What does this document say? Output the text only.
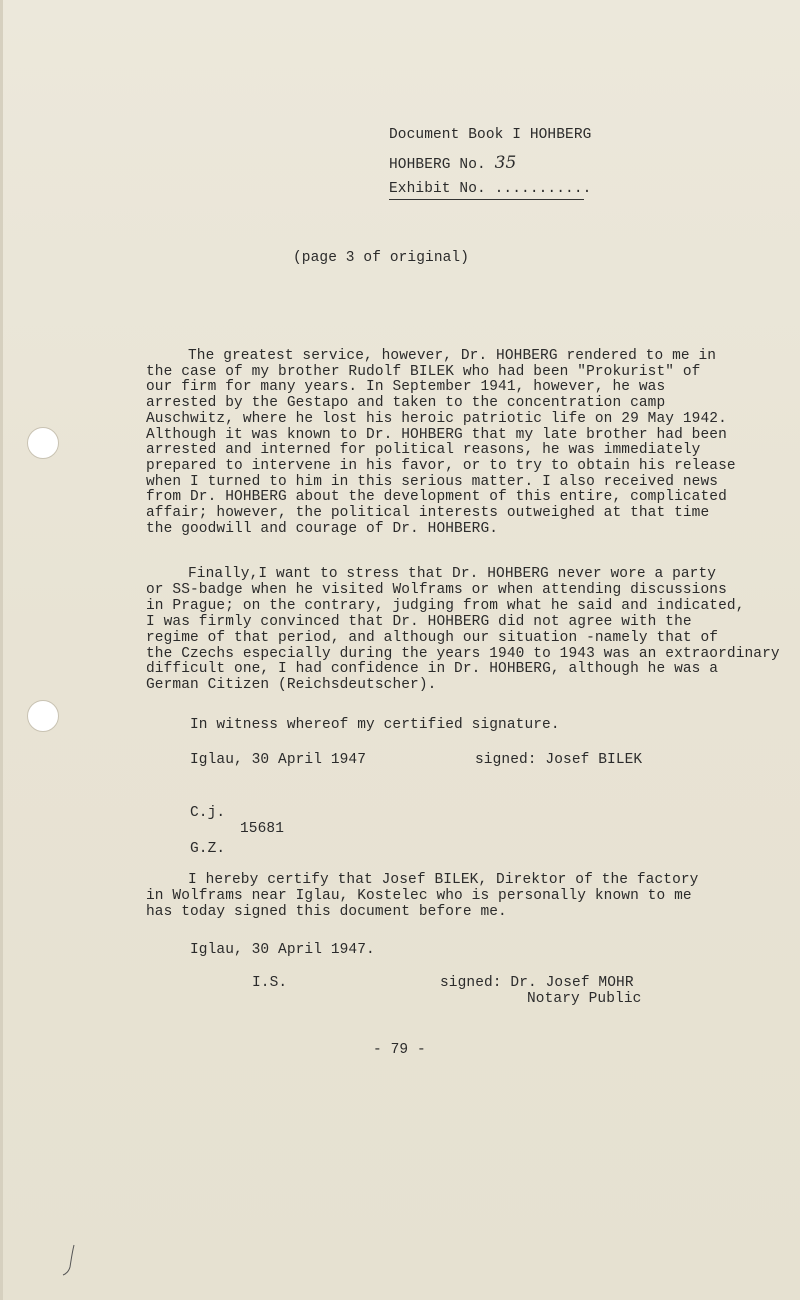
Document Book I HOHBERG
HOHBERG No. 35
Exhibit No. ...........
(page 3 of original)
The greatest service, however, Dr. HOHBERG rendered to me in
the case of my brother Rudolf BILEK who had been "Prokurist" of
our firm for many years. In September 1941, however, he was
arrested by the Gestapo and taken to the concentration camp
Auschwitz, where he lost his heroic patriotic life on 29 May 1942.
Although it was known to Dr. HOHBERG that my late brother had been
arrested and interned for political reasons, he was immediately
prepared to intervene in his favor, or to try to obtain his release
when I turned to him in this serious matter. I also received news
from Dr. HOHBERG about the development of this entire, complicated
affair; however, the political interests outweighed at that time
the goodwill and courage of Dr. HOHBERG.
Finally,I want to stress that Dr. HOHBERG never wore a party
or SS-badge when he visited Wolframs or when attending discussions
in Prague; on the contrary, judging from what he said and indicated,
I was firmly convinced that Dr. HOHBERG did not agree with the
regime of that period, and although our situation -namely that of
the Czechs especially during the years 1940 to 1943 was an extraordinary
difficult one, I had confidence in Dr. HOHBERG, although he was a
German Citizen (Reichsdeutscher).
In witness whereof my certified signature.
Iglau, 30 April 1947	signed: Josef BILEK
C.j.
15681
G.Z.
I hereby certify that Josef BILEK, Direktor of the factory
in Wolframs near Iglau, Kostelec who is personally known to me
has today signed this document before me.
Iglau, 30 April 1947.
I.S.	signed: Dr. Josef MOHR
Notary Public
- 79 -
